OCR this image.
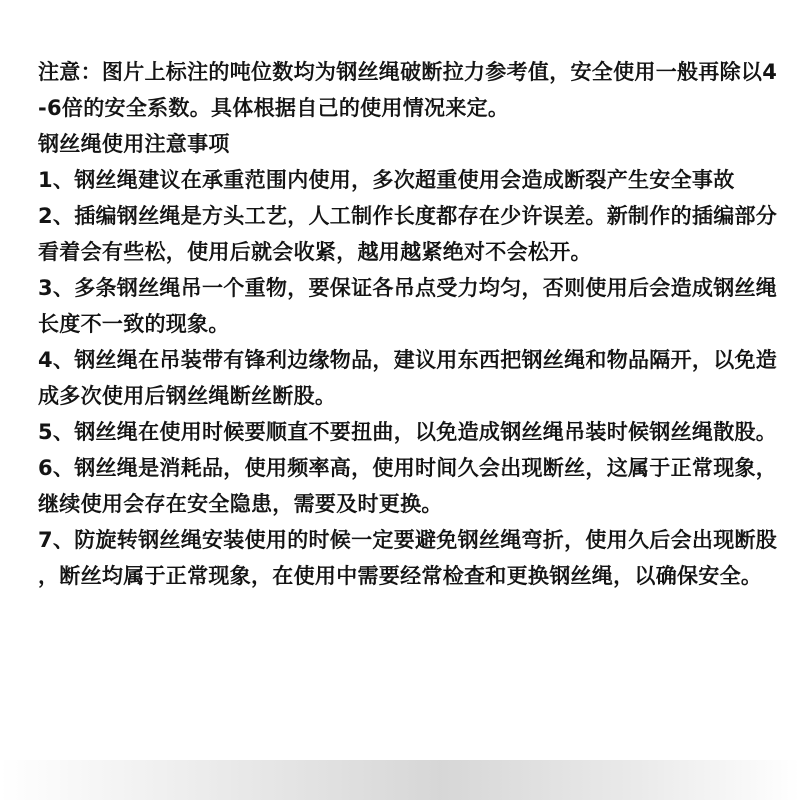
注意：图片上标注的吨位数均为钢丝绳破断拉力参考值，安全使用一般再除以4-6倍的安全系数。具体根据自己的使用情况来定。

钢丝绳使用注意事项

1、钢丝绳建议在承重范围内使用，多次超重使用会造成断裂产生安全事故

2、插编钢丝绳是方头工艺，人工制作长度都存在少许误差。新制作的插编部分看着会有些松，使用后就会收紧，越用越紧绝对不会松开。

3、多条钢丝绳吊一个重物，要保证各吊点受力均匀，否则使用后会造成钢丝绳长度不一致的现象。

4、钢丝绳在吊装带有锋利边缘物品，建议用东西把钢丝绳和物品隔开，以免造成多次使用后钢丝绳断丝断股。

5、钢丝绳在使用时候要顺直不要扭曲，以免造成钢丝绳吊装时候钢丝绳散股。

6、钢丝绳是消耗品，使用频率高，使用时间久会出现断丝，这属于正常现象，继续使用会存在安全隐患，需要及时更换。

7、防旋转钢丝绳安装使用的时候一定要避免钢丝绳弯折，使用久后会出现断股，断丝均属于正常现象，在使用中需要经常检查和更换钢丝绳，以确保安全。
